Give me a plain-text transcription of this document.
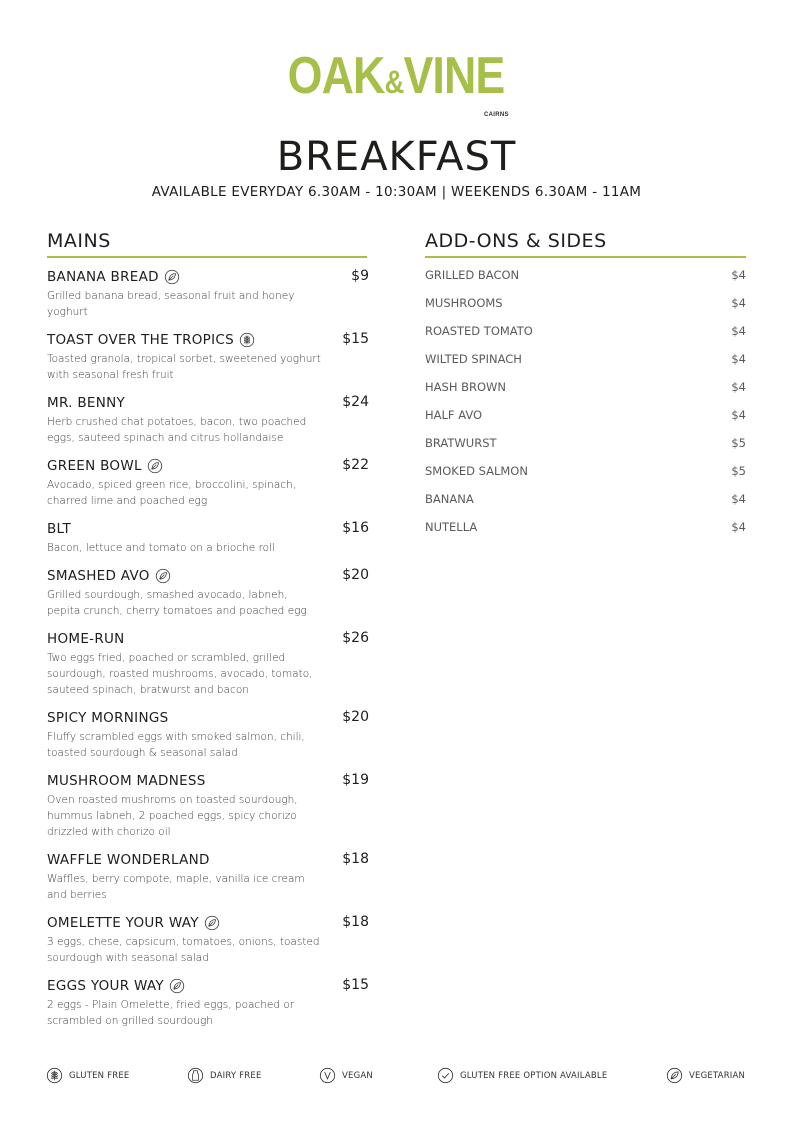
OAK&VINE
CAIRNS
BREAKFAST
AVAILABLE EVERYDAY 6.30AM - 10:30AM | WEEKENDS 6.30AM - 11AM
MAINS	ADD-ONS & SIDES
BANANA BREAD	$9
Grilled banana bread, seasonal fruit and honey yoghurt
TOAST OVER THE TROPICS	$15
Toasted granola, tropical sorbet, sweetened yoghurt with seasonal fresh fruit
MR. BENNY	$24
Herb crushed chat potatoes, bacon, two poached eggs, sauteed spinach and citrus hollandaise
GREEN BOWL	$22
Avocado, spiced green rice, broccolini, spinach, charred lime and poached egg
BLT	$16
Bacon, lettuce and tomato on a brioche roll
SMASHED AVO	$20
Grilled sourdough, smashed avocado, labneh, pepita crunch, cherry tomatoes and poached egg
HOME-RUN	$26
Two eggs fried, poached or scrambled, grilled sourdough, roasted mushrooms, avocado, tomato, sauteed spinach, bratwurst and bacon
SPICY MORNINGS	$20
Fluffy scrambled eggs with smoked salmon, chili, toasted sourdough & seasonal salad
MUSHROOM MADNESS	$19
Oven roasted mushroms on toasted sourdough, hummus labneh, 2 poached eggs, spicy chorizo drizzled with chorizo oil
WAFFLE WONDERLAND	$18
Waffles, berry compote, maple, vanilla ice cream and berries
OMELETTE YOUR WAY	$18
3 eggs, chese, capsicum, tomatoes, onions, toasted sourdough with seasonal salad
EGGS YOUR WAY	$15
2 eggs - Plain Omelette, fried eggs, poached or scrambled on grilled sourdough
GRILLED BACON	$4
MUSHROOMS	$4
ROASTED TOMATO	$4
WILTED SPINACH	$4
HASH BROWN	$4
HALF AVO	$4
BRATWURST	$5
SMOKED SALMON	$5
BANANA	$4
NUTELLA	$4
GLUTEN FREE	DAIRY FREE	VEGAN	GLUTEN FREE OPTION AVAILABLE	VEGETARIAN
